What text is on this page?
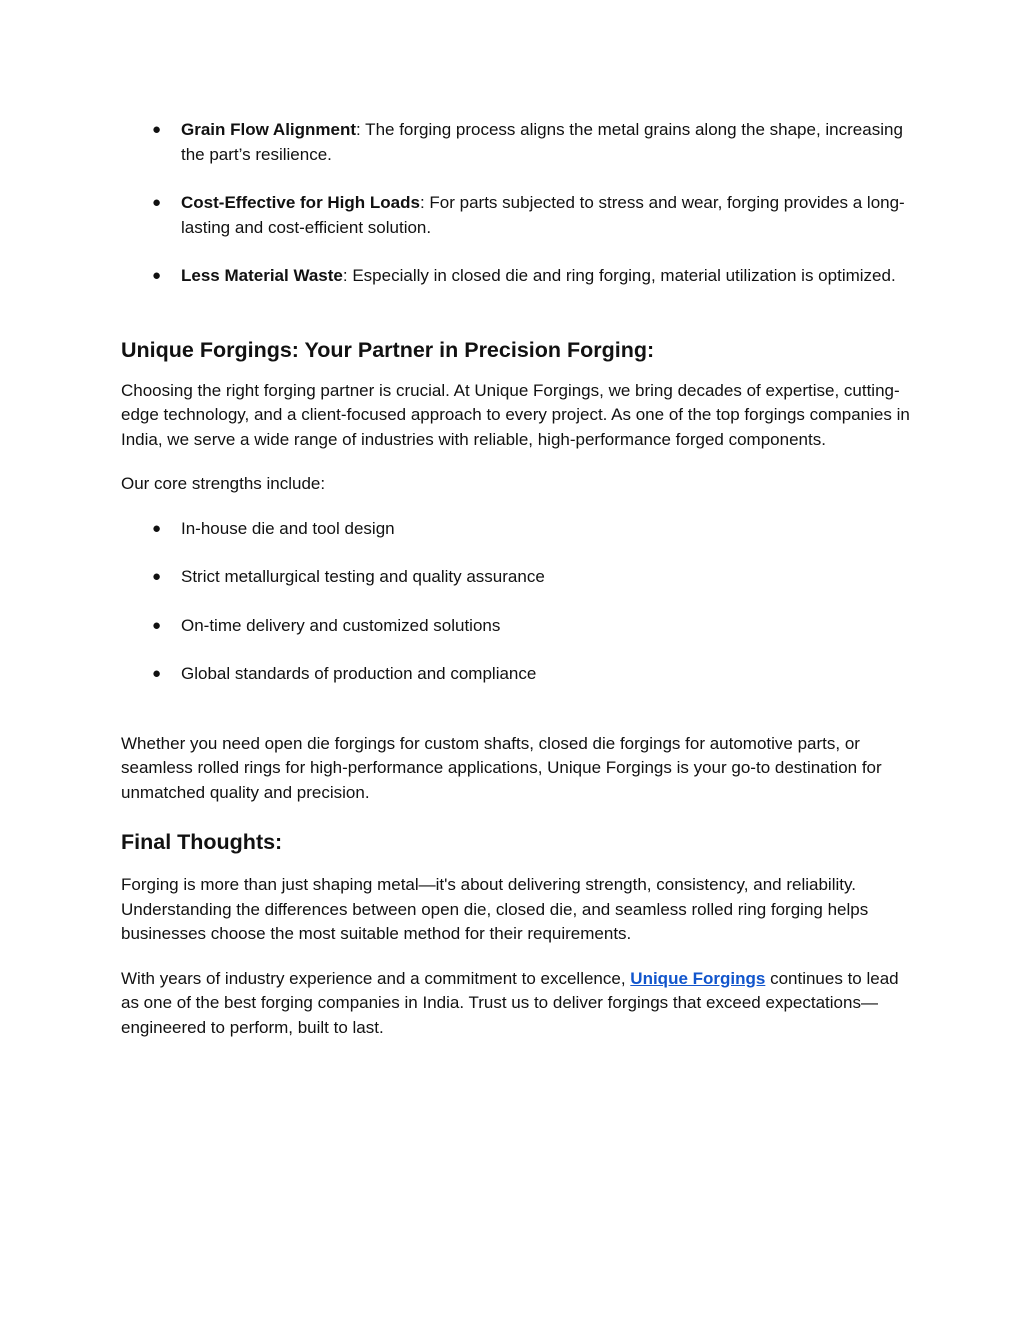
● Grain Flow Alignment: The forging process aligns the metal grains along the shape, increasing the part’s resilience.
● Cost-Effective for High Loads: For parts subjected to stress and wear, forging provides a long-lasting and cost-efficient solution.
● Less Material Waste: Especially in closed die and ring forging, material utilization is optimized.
Unique Forgings: Your Partner in Precision Forging:

Choosing the right forging partner is crucial. At Unique Forgings, we bring decades of expertise, cutting-edge technology, and a client-focused approach to every project. As one of the top forgings companies in India, we serve a wide range of industries with reliable, high-performance forged components.

Our core strengths include:

● In-house die and tool design
● Strict metallurgical testing and quality assurance
● On-time delivery and customized solutions
● Global standards of production and compliance

Whether you need open die forgings for custom shafts, closed die forgings for automotive parts, or seamless rolled rings for high-performance applications, Unique Forgings is your go-to destination for unmatched quality and precision.

Final Thoughts:

Forging is more than just shaping metal—it's about delivering strength, consistency, and reliability. Understanding the differences between open die, closed die, and seamless rolled ring forging helps businesses choose the most suitable method for their requirements.

With years of industry experience and a commitment to excellence, Unique Forgings continues to lead as one of the best forging companies in India. Trust us to deliver forgings that exceed expectations—engineered to perform, built to last.
